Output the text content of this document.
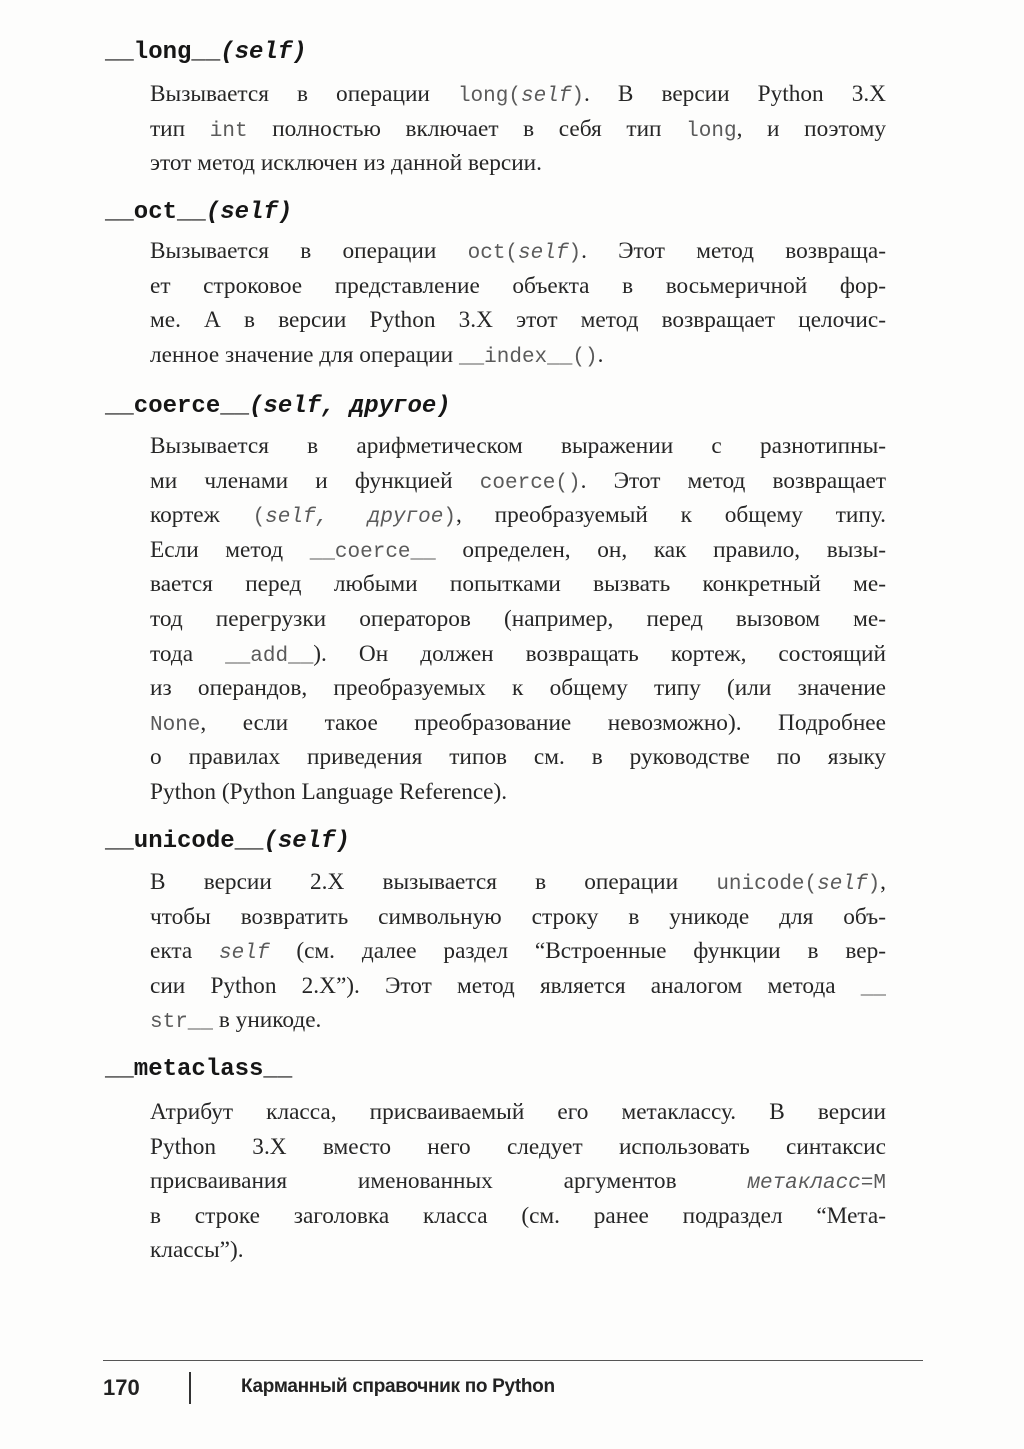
__long__(self)
Вызывается в операции long(self). В версии Python 3.X
тип int полностью включает в себя тип long, и поэтому
этот метод исключен из данной версии.
__oct__(self)
Вызывается в операции oct(self). Этот метод возвраща-
ет строковое представление объекта в восьмеричной фор-
ме. А в версии Python 3.X этот метод возвращает целочис-
ленное значение для операции __index__().
__coerce__(self, другое)
Вызывается в арифметическом выражении с разнотипны-
ми членами и функцией coerce(). Этот метод возвращает
кортеж (self, другое), преобразуемый к общему типу.
Если метод __coerce__ определен, он, как правило, вызы-
вается перед любыми попытками вызвать конкретный ме-
тод перегрузки операторов (например, перед вызовом ме-
тода __add__). Он должен возвращать кортеж, состоящий
из операндов, преобразуемых к общему типу (или значение
None, если такое преобразование невозможно). Подробнее
о правилах приведения типов см. в руководстве по языку
Python (Python Language Reference).
__unicode__(self)
В версии 2.X вызывается в операции unicode(self),
чтобы возвратить символьную строку в уникоде для объ-
екта self (см. далее раздел “Встроенные функции в вер-
сии Python 2.X”). Этот метод является аналогом метода __
str__ в уникоде.
__metaclass__
Атрибут класса, присваиваемый его метаклассу. В версии
Python 3.X вместо него следует использовать синтаксис
присваивания именованных аргументов метакласс=M
в строке заголовка класса (см. ранее подраздел “Мета-
классы”).
170	Карманный справочник по Python
